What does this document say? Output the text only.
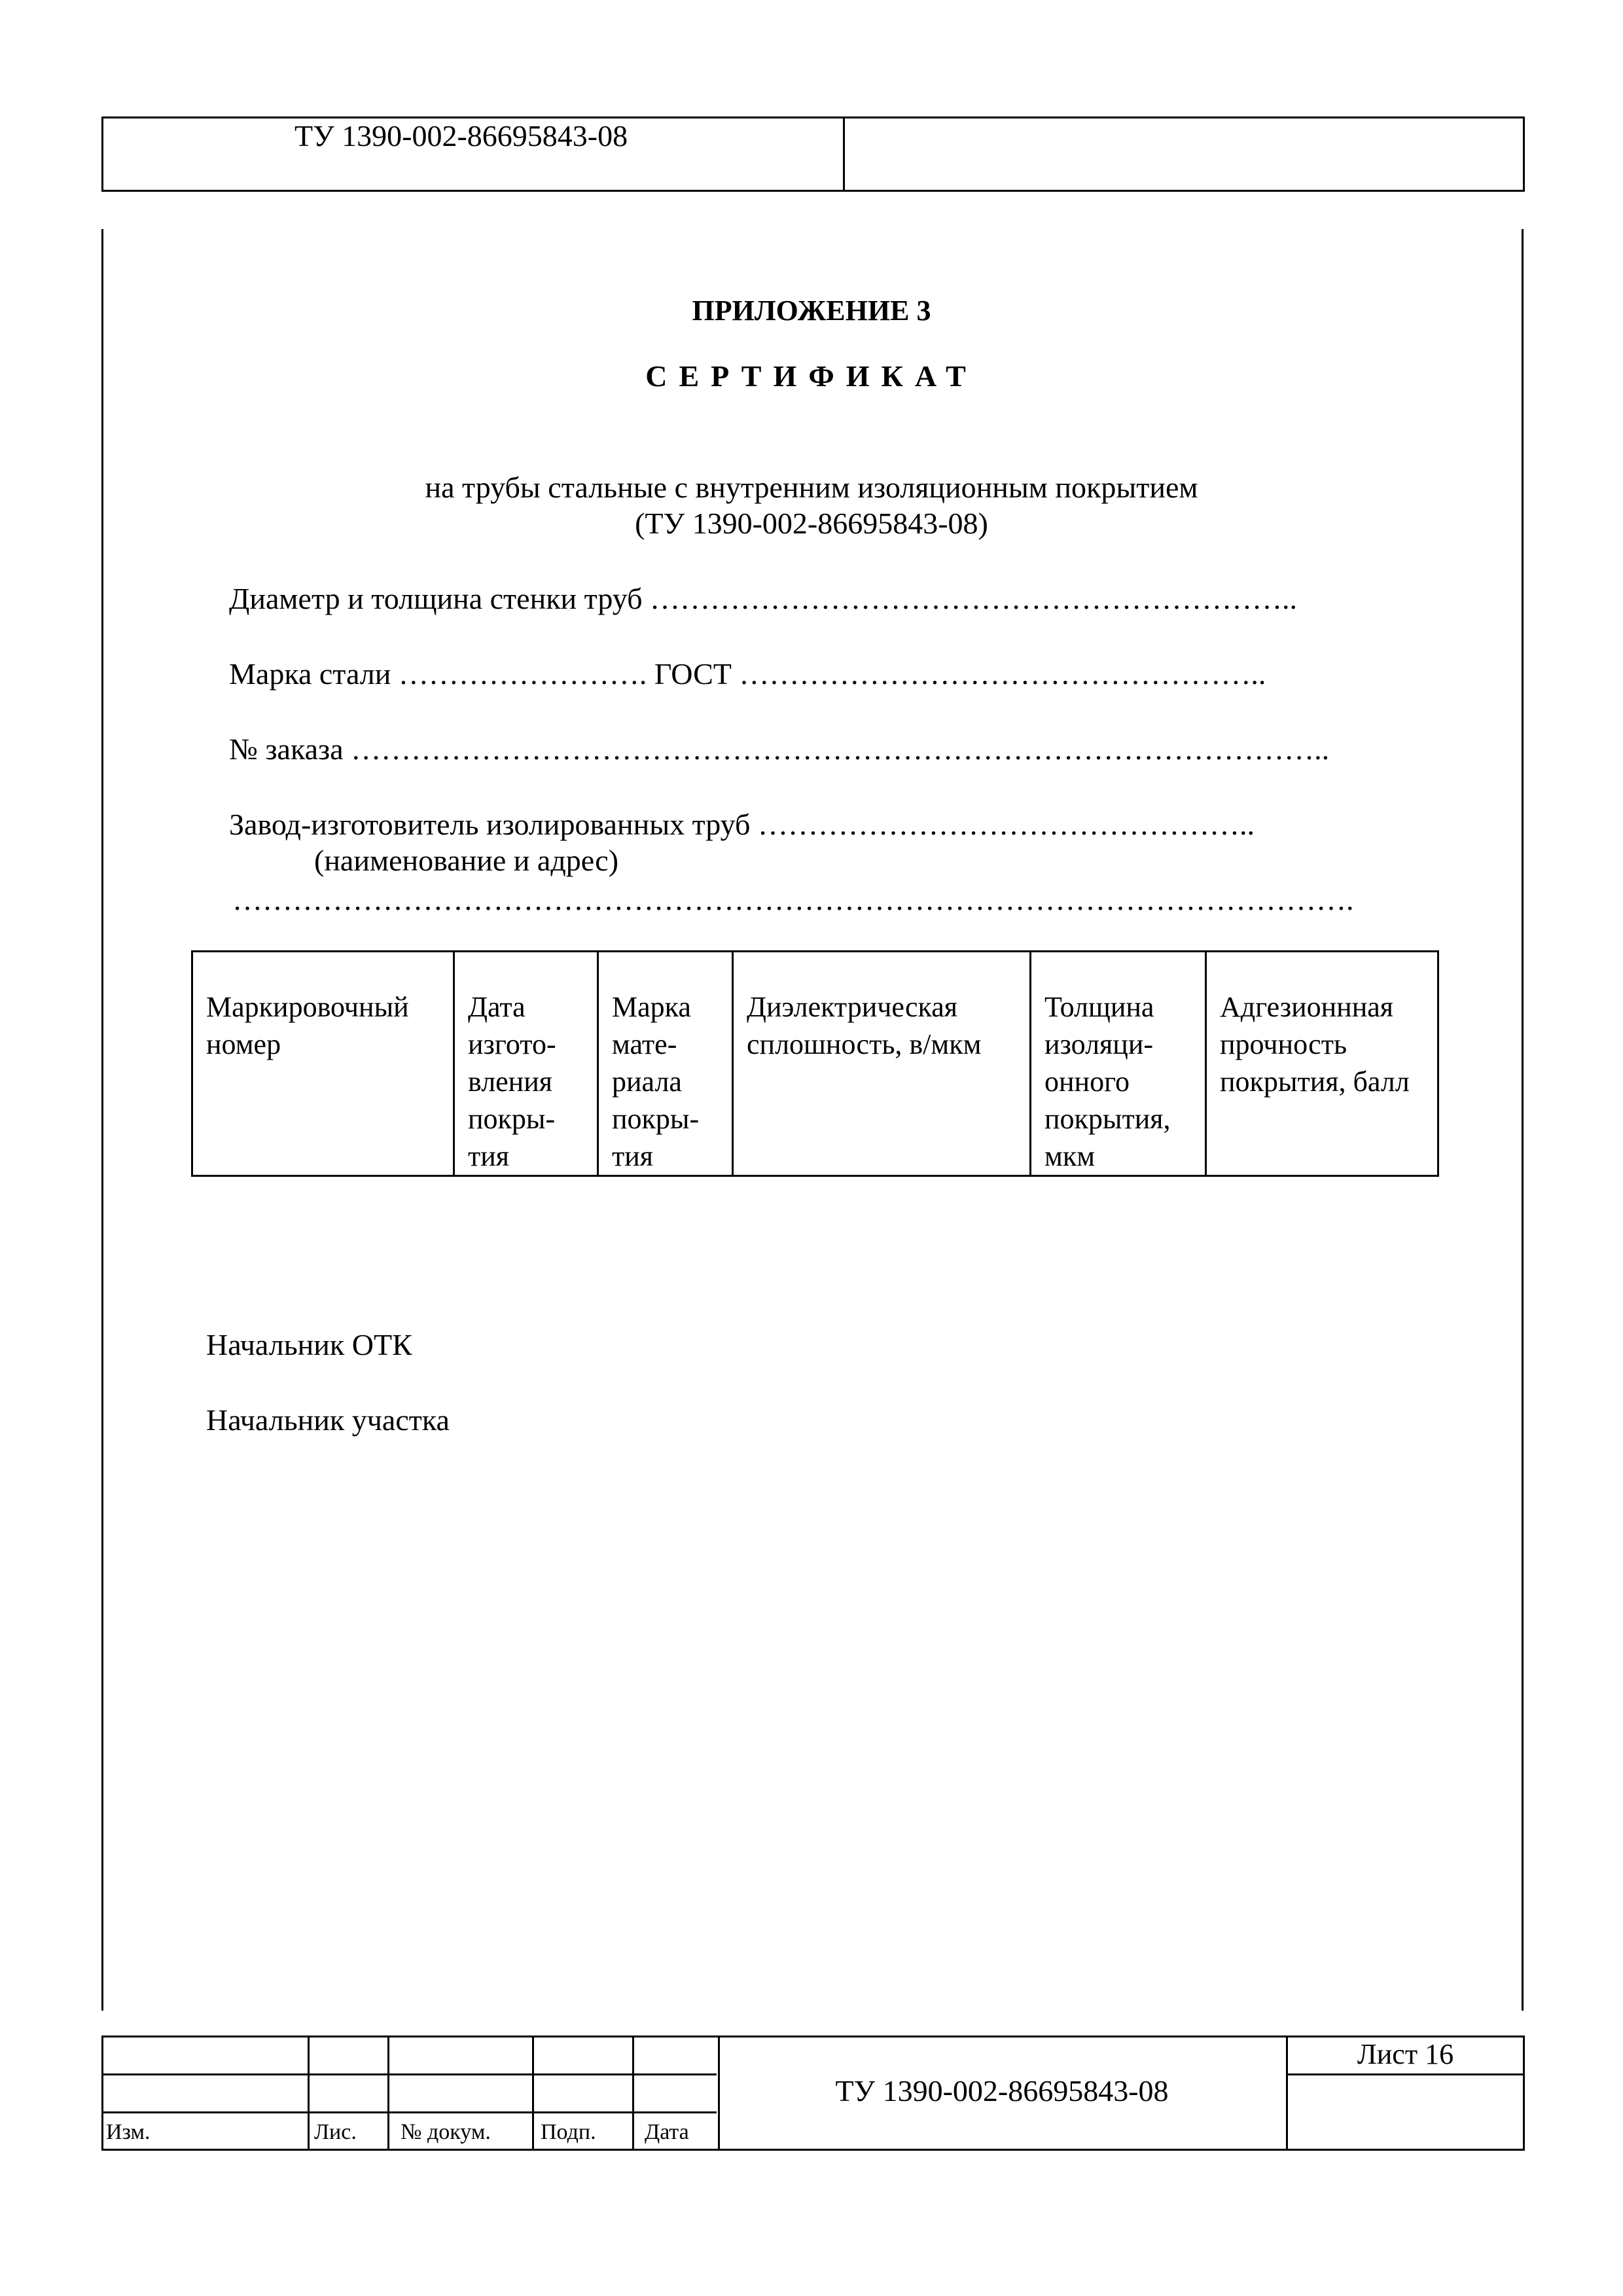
ТУ 1390-002-86695843-08
ПРИЛОЖЕНИЕ 3
СЕРТИФИКАТ
на трубы стальные с внутренним изоляционным покрытием
(ТУ 1390-002-86695843-08)
Диаметр и толщина стенки труб ………………………………………………………..
Марка стали ……………………. ГОСТ ……………………………………………..
№ заказа ……………………………………………………………………………………..
Завод-изготовитель изолированных труб …………………………………………..
(наименование и адрес)
………………………………………………………………………………………………….
Маркировочный номер	Дата изгото-вления покры-тия	Марка мате-риала покры-тия	Диэлектрическая сплошность, в/мкм	Толщина изоляци-онного покрытия, мкм	Адгезионнная прочность покрытия, балл
Начальник ОТК
Начальник участка
Изм.	Лис. № докум. Подп. Дата
ТУ 1390-002-86695843-08
Лист 16
